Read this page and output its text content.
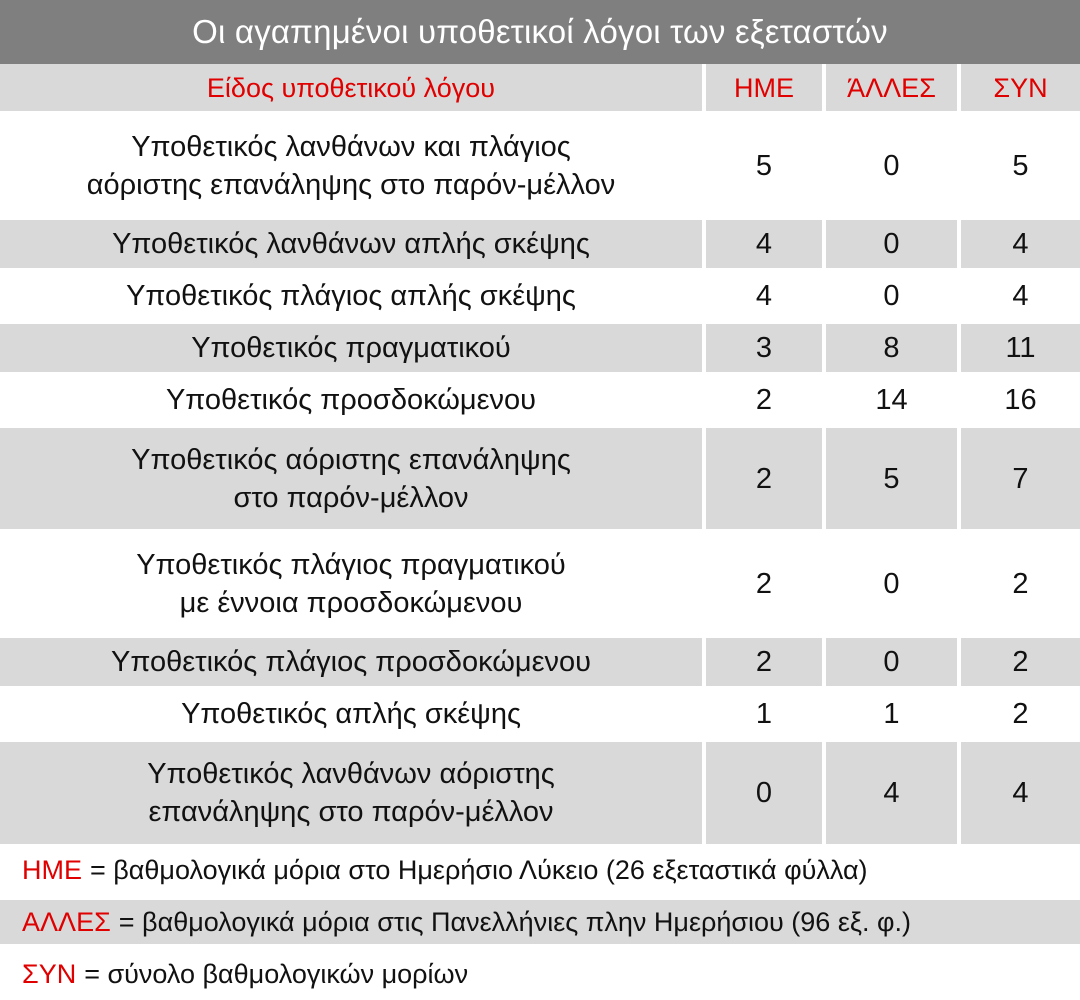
Οι αγαπημένοι υποθετικοί λόγοι των εξεταστών
Είδος υποθετικού λόγου	ΗΜΕ	ΆΛΛΕΣ	ΣΥΝ

Υποθετικός λανθάνων και πλάγιος
αόριστης επανάληψης στο παρόν-μέλλον	5	0	5

Υποθετικός λανθάνων απλής σκέψης	4	0	4

Υποθετικός πλάγιος απλής σκέψης	4	0	4

Υποθετικός πραγματικού	3	8	11

Υποθετικός προσδοκώμενου	2	14	16

Υποθετικός αόριστης επανάληψης
στο παρόν-μέλλον	2	5	7

Υποθετικός πλάγιος πραγματικού
με έννοια προσδοκώμενου	2	0	2

Υποθετικός πλάγιος προσδοκώμενου	2	0	2

Υποθετικός απλής σκέψης	1	1	2

Υποθετικός λανθάνων αόριστης
επανάληψης στο παρόν-μέλλον	0	4	4
ΗΜΕ = βαθμολογικά μόρια στο Ημερήσιο Λύκειο (26 εξεταστικά φύλλα)
ΑΛΛΕΣ = βαθμολογικά μόρια στις Πανελλήνιες πλην Ημερήσιου (96 εξ. φ.)
ΣΥΝ = σύνολο βαθμολογικών μορίων
